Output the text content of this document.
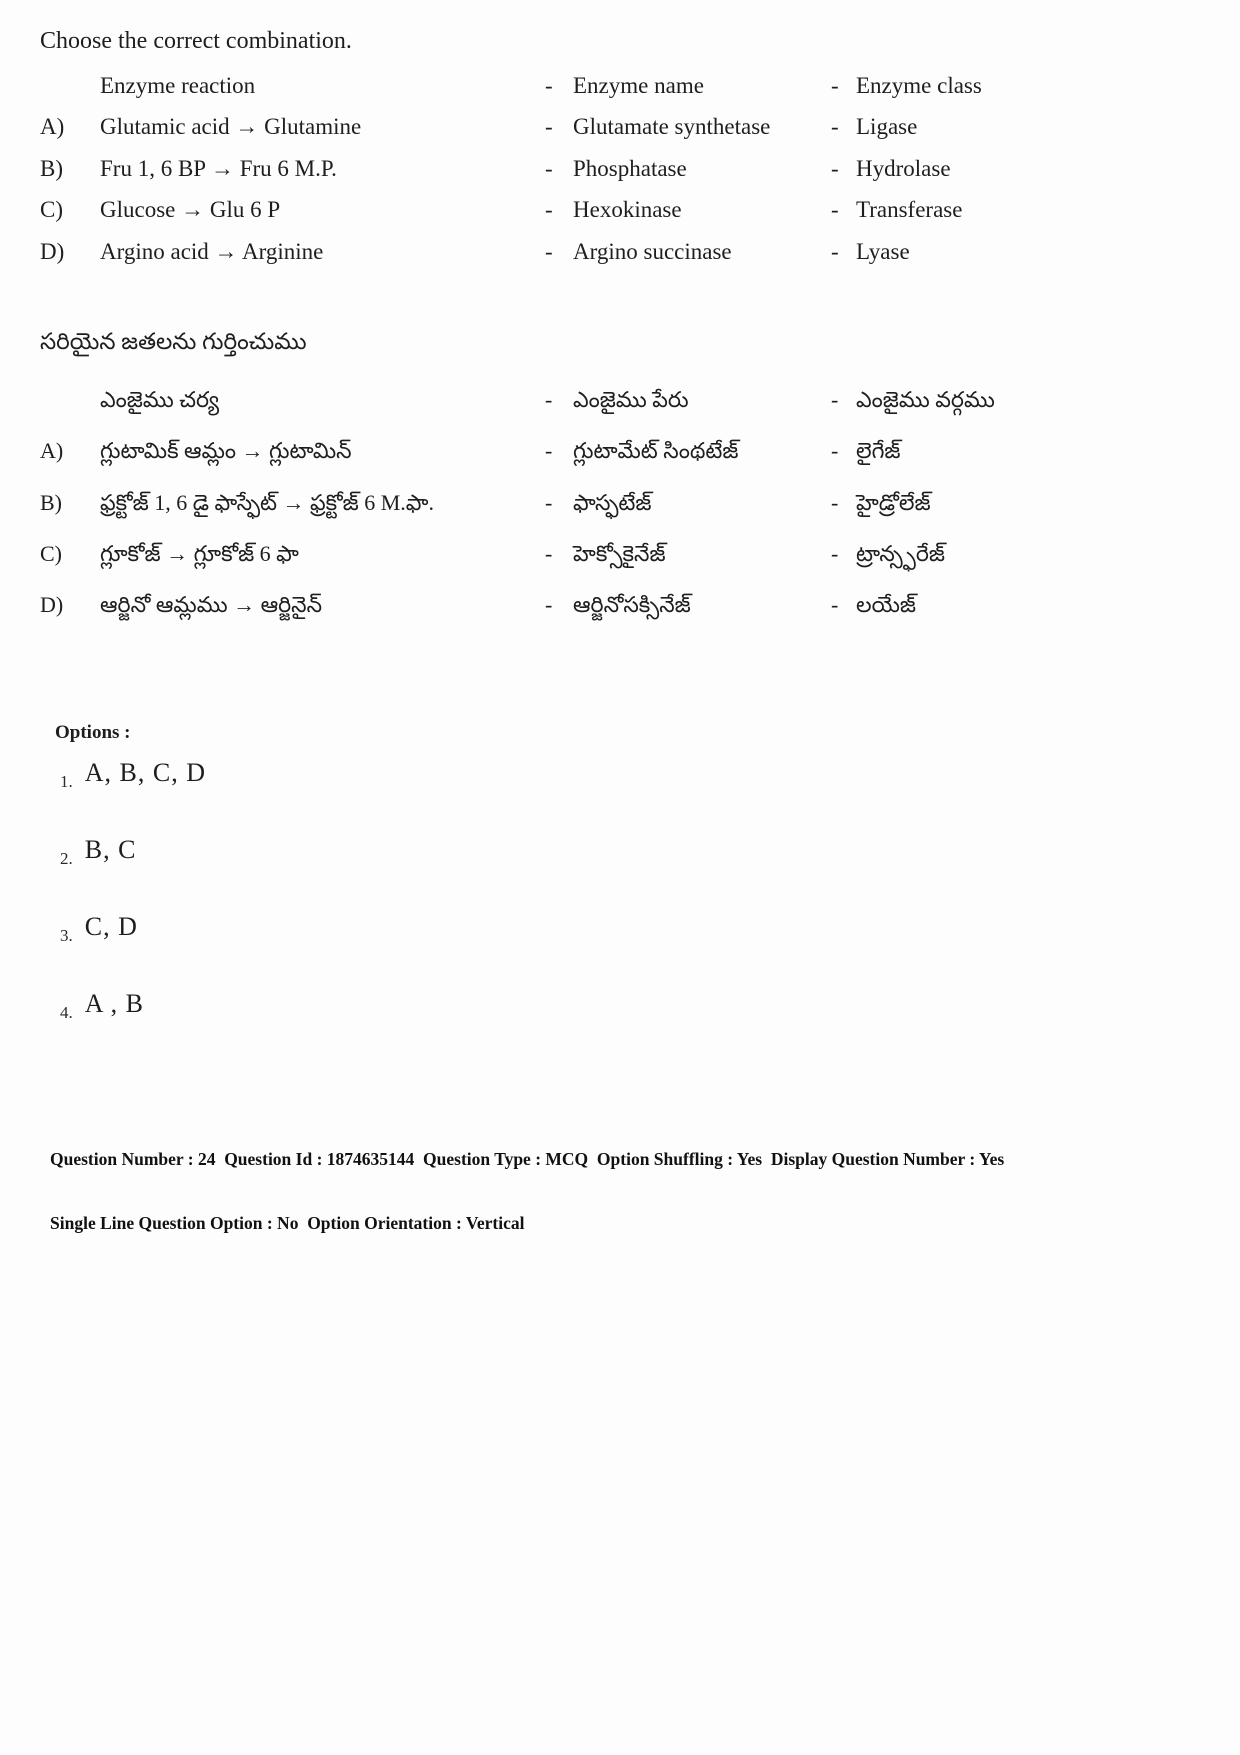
Choose the correct combination.

Enzyme reaction	- Enzyme name	- Enzyme class
A)	Glutamic acid → Glutamine	- Glutamate synthetase	- Ligase
B)	Fru 1, 6 BP → Fru 6 M.P.	- Phosphatase	- Hydrolase
C)	Glucose → Glu 6 P	- Hexokinase	- Transferase
D)	Argino acid → Arginine	- Argino succinase	- Lyase

సరియైన జతలను గుర్తించుము

ఎంజైము చర్య	- ఎంజైము పేరు	- ఎంజైము వర్గము
A)	గ్లుటామిక్ ఆమ్లం → గ్లుటామిన్	- గ్లుటామేట్ సింథటేజ్	- లైగేజ్
B)	ఫ్రక్టోజ్ 1, 6 డై ఫాస్ఫేట్ → ఫ్రక్టోజ్ 6 M.ఫా.	- ఫాస్ఫటేజ్	- హైడ్రోలేజ్
C)	గ్లూకోజ్ → గ్లూకోజ్ 6 ఫా	- హెక్సోకైనేజ్	- ట్రాన్స్ఫరేజ్
D)	ఆర్జినో ఆమ్లము → ఆర్జినైన్	- ఆర్జినోసక్సినేజ్	- లయేజ్

Options :

1. A, B, C, D
2. B, C
3. C, D
4. A , B

Question Number : 24  Question Id : 1874635144  Question Type : MCQ  Option Shuffling : Yes  Display Question Number : Yes

Single Line Question Option : No  Option Orientation : Vertical
